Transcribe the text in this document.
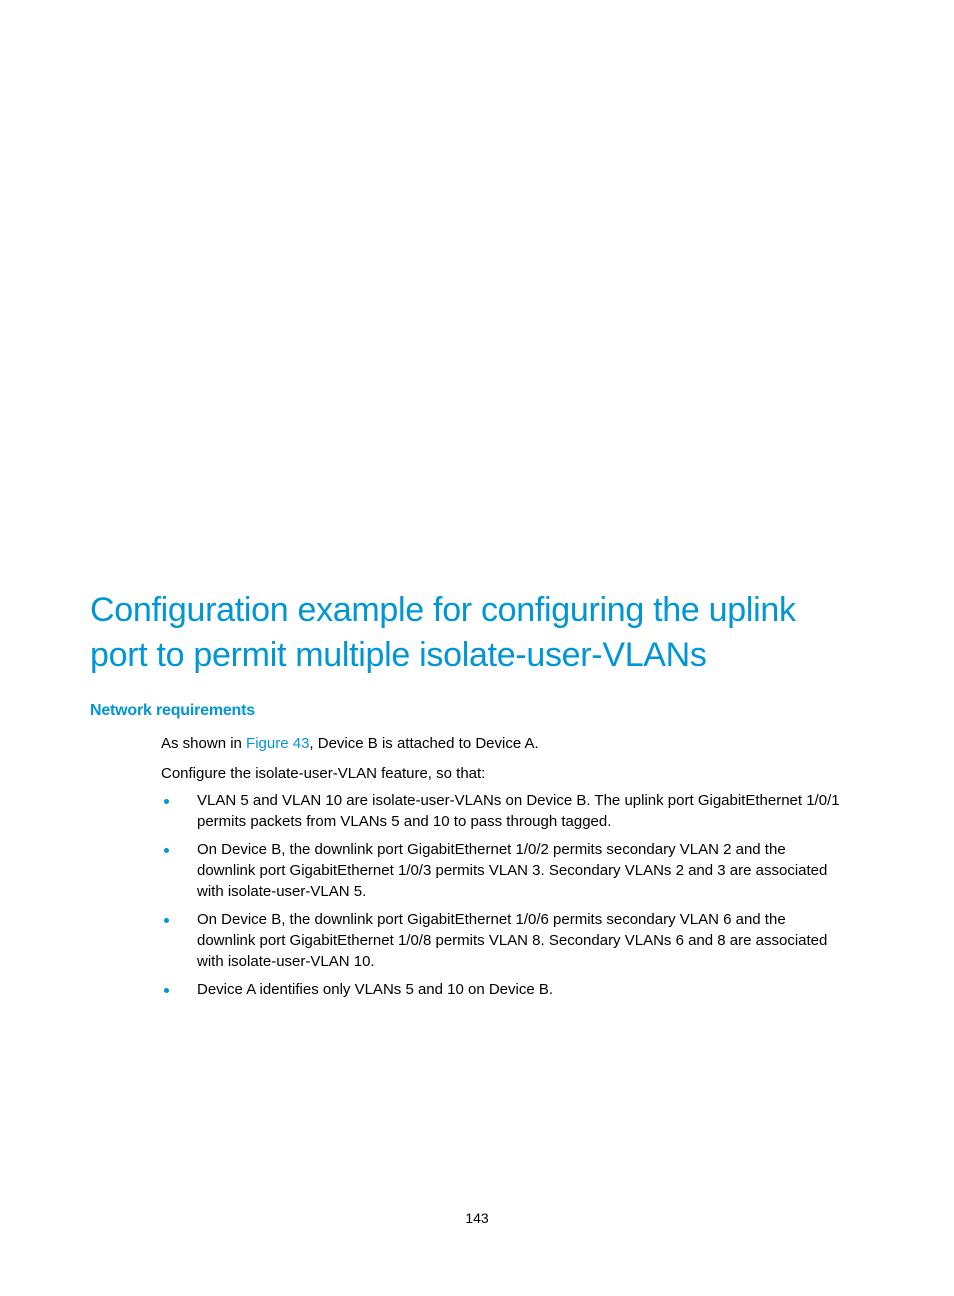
Configuration example for configuring the uplink
port to permit multiple isolate-user-VLANs
Network requirements

As shown in Figure 43, Device B is attached to Device A.

Configure the isolate-user-VLAN feature, so that:

VLAN 5 and VLAN 10 are isolate-user-VLANs on Device B. The uplink port GigabitEthernet 1/0/1
permits packets from VLANs 5 and 10 to pass through tagged.
On Device B, the downlink port GigabitEthernet 1/0/2 permits secondary VLAN 2 and the
downlink port GigabitEthernet 1/0/3 permits VLAN 3. Secondary VLANs 2 and 3 are associated
with isolate-user-VLAN 5.
On Device B, the downlink port GigabitEthernet 1/0/6 permits secondary VLAN 6 and the
downlink port GigabitEthernet 1/0/8 permits VLAN 8. Secondary VLANs 6 and 8 are associated
with isolate-user-VLAN 10.
Device A identifies only VLANs 5 and 10 on Device B.
143
